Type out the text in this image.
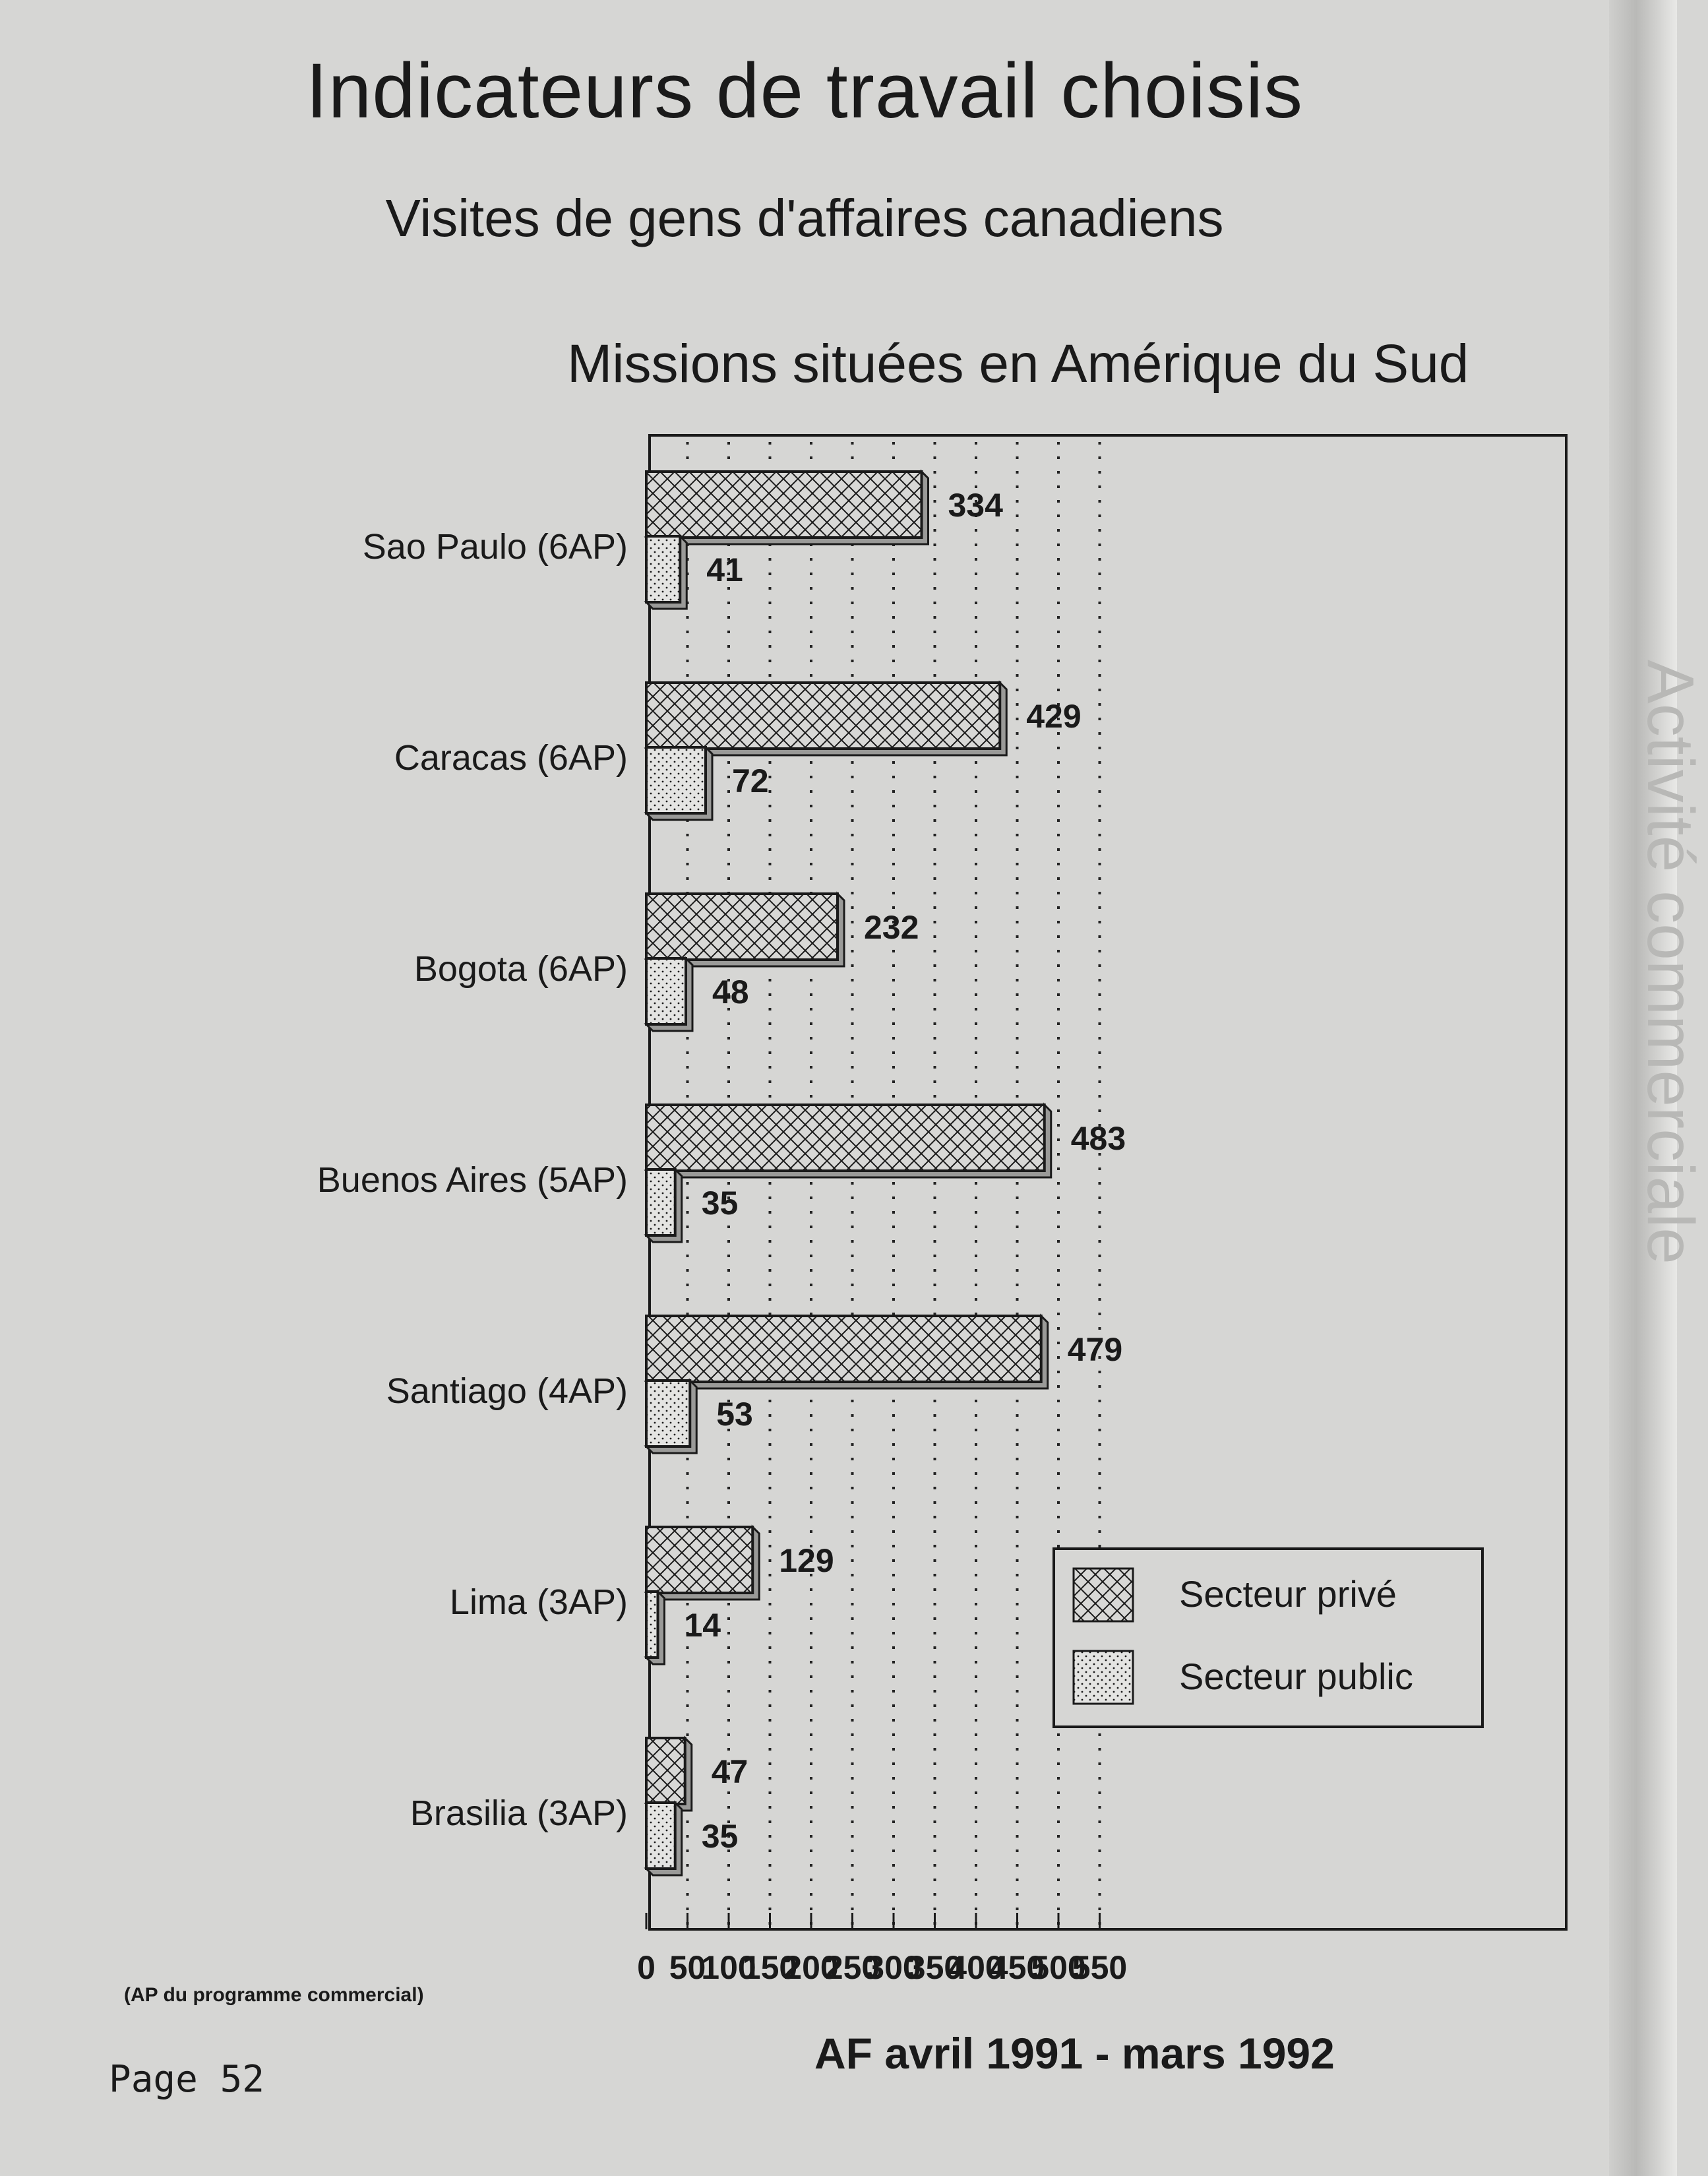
Activité commerciale
Indicateurs de travail choisis
Visites de gens d'affaires canadiens
Missions situées en Amérique du Sud
0 50
100
150
200
250
300
350
400
450
500
550
Sao Paulo (6AP)
334
41
Caracas (6AP)
429
72
Bogota (6AP)
232
48
Buenos Aires (5AP)
483
35
Santiago (4AP)
479
53
Lima (3AP)
129
14
Brasilia (3AP)
47
35
Secteur privé
Secteur public
(AP du programme commercial)
AF avril 1991 - mars 1992
Page 52
